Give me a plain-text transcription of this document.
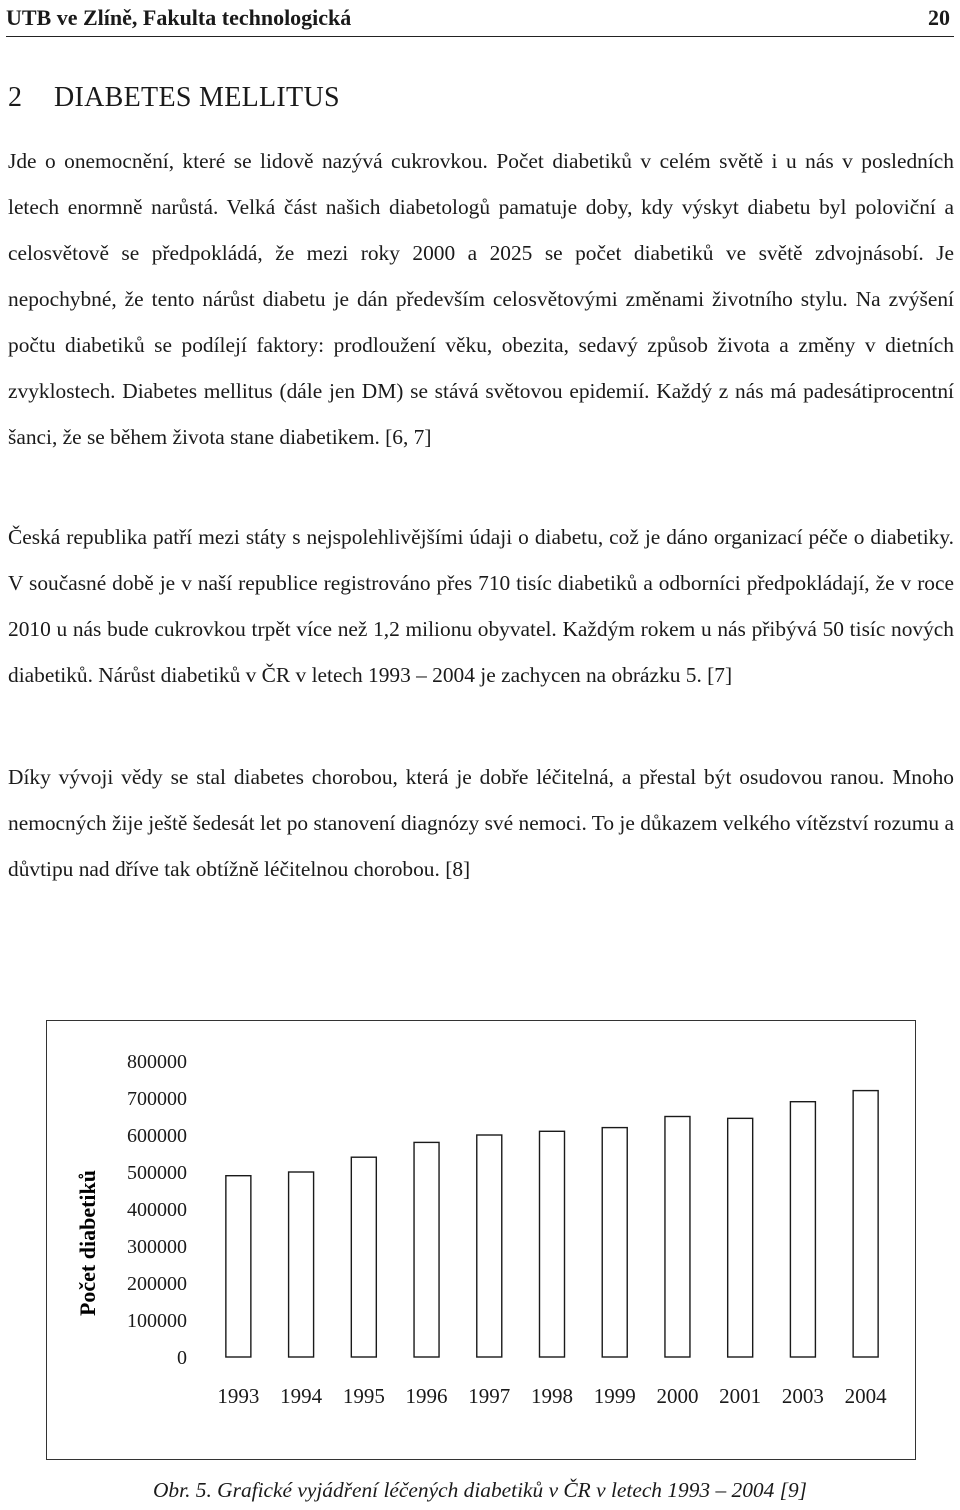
UTB ve Zlíně, Fakulta technologická	20
2 DIABETES MELLITUS
Jde o onemocnění, které se lidově nazývá cukrovkou. Počet diabetiků v celém světě i u nás v posledních letech enormně narůstá. Velká část našich diabetologů pamatuje doby, kdy výskyt diabetu byl poloviční a celosvětově se předpokládá, že mezi roky 2000 a 2025 se počet diabetiků ve světě zdvojnásobí. Je nepochybné, že tento nárůst diabetu je dán především celosvětovými změnami životního stylu. Na zvýšení počtu diabetiků se podílejí faktory: prodloužení věku, obezita, sedavý způsob života a změny v dietních zvyklostech. Diabetes mellitus (dále jen DM) se stává světovou epidemií. Každý z nás má padesátiprocentní šanci, že se během života stane diabetikem. [6, 7]
Česká republika patří mezi státy s nejspolehlivějšími údaji o diabetu, což je dáno organizací péče o diabetiky. V současné době je v naší republice registrováno přes 710 tisíc diabetiků a odborníci předpokládají, že v roce 2010 u nás bude cukrovkou trpět více než 1,2 milionu obyvatel. Každým rokem u nás přibývá 50 tisíc nových diabetiků. Nárůst diabetiků v ČR v letech 1993 – 2004 je zachycen na obrázku 5. [7]
Díky vývoji vědy se stal diabetes chorobou, která je dobře léčitelná, a přestal být osudovou ranou. Mnoho nemocných žije ještě šedesát let po stanovení diagnózy své nemoci. To je důkazem velkého vítězství rozumu a důvtipu nad dříve tak obtížně léčitelnou chorobou. [8]
Počet diabetiků
0
100000
200000
300000
400000
500000
600000
700000
800000
1993 1994 1995 1996 1997 1998 1999 2000 2001 2003 2004
Obr. 5. Grafické vyjádření léčených diabetiků v ČR v letech 1993 – 2004 [9]
